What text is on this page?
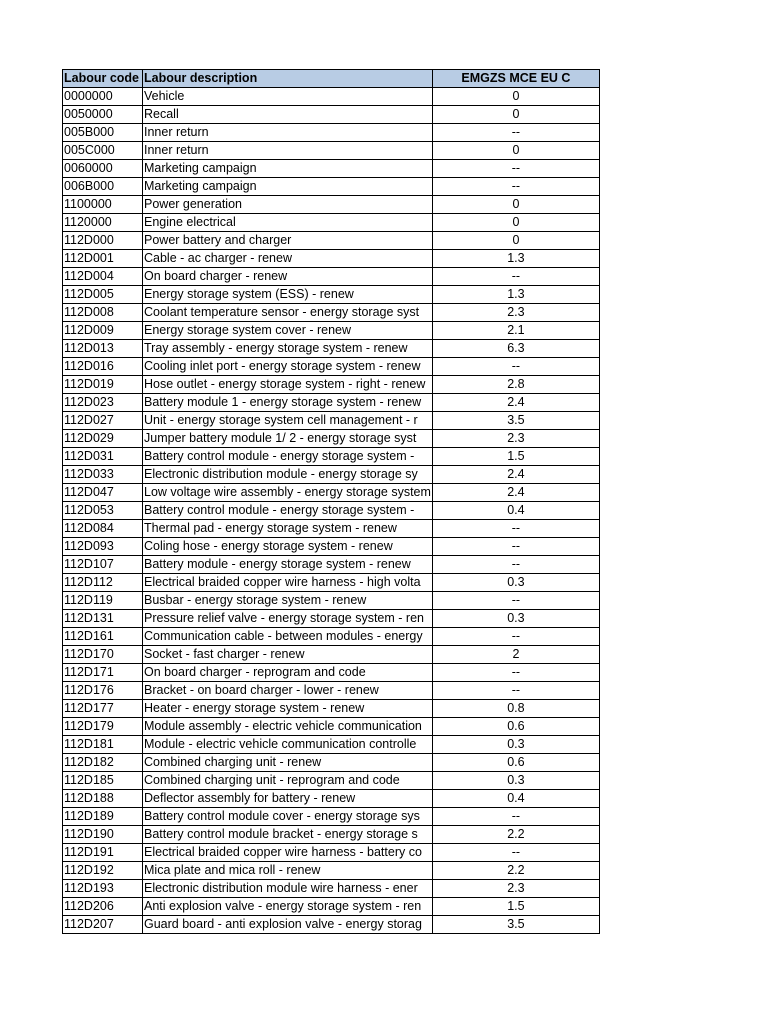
Labour code	Labour description	EMGZS MCE EU C
0000000	Vehicle	0
0050000	Recall	0
005B000	Inner return	--
005C000	Inner return	0
0060000	Marketing campaign	--
006B000	Marketing campaign	--
1100000	Power generation	0
1120000	Engine electrical	0
112D000	Power battery and charger	0
112D001	Cable - ac charger - renew	1.3
112D004	On board charger - renew	--
112D005	Energy storage system (ESS) - renew	1.3
112D008	Coolant temperature sensor - energy storage syst	2.3
112D009	Energy storage system cover - renew	2.1
112D013	Tray assembly - energy storage system - renew	6.3
112D016	Cooling inlet port - energy storage system - renew	--
112D019	Hose outlet - energy storage system - right - renew	2.8
112D023	Battery module 1 - energy storage system - renew	2.4
112D027	Unit - energy storage system cell management - r	3.5
112D029	Jumper battery module 1/ 2 - energy storage syst	2.3
112D031	Battery control module - energy storage system -	1.5
112D033	Electronic distribution module - energy storage sy	2.4
112D047	Low voltage wire assembly - energy storage system	2.4
112D053	Battery control module - energy storage system -	0.4
112D084	Thermal pad - energy storage system - renew	--
112D093	Coling hose - energy storage system - renew	--
112D107	Battery module - energy storage system - renew	--
112D112	Electrical braided copper wire harness - high volta	0.3
112D119	Busbar - energy storage system - renew	--
112D131	Pressure relief valve - energy storage system - ren	0.3
112D161	Communication cable - between modules - energy	--
112D170	Socket - fast charger - renew	2
112D171	On board charger - reprogram and code	--
112D176	Bracket - on board charger - lower - renew	--
112D177	Heater - energy storage system - renew	0.8
112D179	Module assembly - electric vehicle communication	0.6
112D181	Module - electric vehicle communication controlle	0.3
112D182	Combined charging unit - renew	0.6
112D185	Combined charging unit - reprogram and code	0.3
112D188	Deflector assembly for battery - renew	0.4
112D189	Battery control module cover - energy storage sys	--
112D190	Battery control module bracket - energy storage s	2.2
112D191	Electrical braided copper wire harness - battery co	--
112D192	Mica plate and mica roll - renew	2.2
112D193	Electronic distribution module wire harness - ener	2.3
112D206	Anti explosion valve - energy storage system - ren	1.5
112D207	Guard board - anti explosion valve - energy storag	3.5
